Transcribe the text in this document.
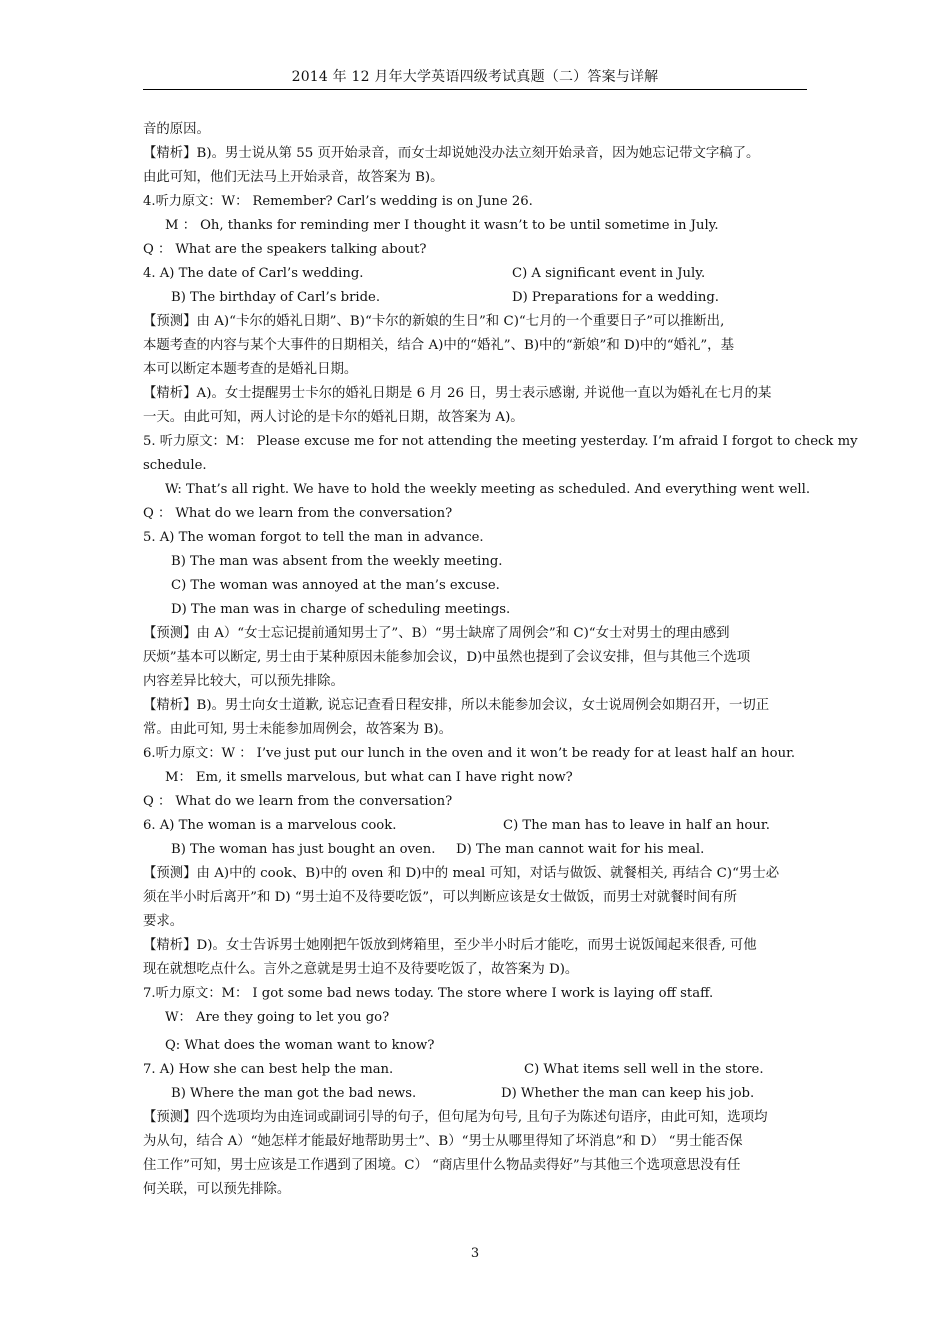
2014 年 12 月年大学英语四级考试真题（二）答案与详解
音的原因。
【精析】B)。男士说从第 55 页开始录音，而女士却说她没办法立刻开始录音，因为她忘记带文字稿了。
由此可知，他们无法马上开始录音，故答案为 B)。
4.听力原文：W： Remember? Carl’s wedding is on June 26.
M ： Oh, thanks for reminding mer I thought it wasn’t to be until sometime in July.
Q ： What are the speakers talking about?
4. A) The date of Carl’s wedding.	C) A significant event in July.
B) The birthday of Carl’s bride.	D) Preparations for a wedding.
【预测】由 A)“卡尔的婚礼日期”、B)“卡尔的新娘的生日”和 C)“七月的一个重要日子”可以推断出,
本题考查的内容与某个大事件的日期相关，结合 A)中的“婚礼”、B)中的“新娘”和 D)中的“婚礼”，基
本可以断定本题考查的是婚礼日期。
【精析】A)。女士提醒男士卡尔的婚礼日期是 6 月 26 日，男士表示感谢, 并说他一直以为婚礼在七月的某
一天。由此可知，两人讨论的是卡尔的婚礼日期，故答案为 A)。
5. 听力原文：M： Please excuse me for not attending the meeting yesterday. I’m afraid I forgot to check my
schedule.
W: That’s all right. We have to hold the weekly meeting as scheduled. And everything went well.
Q ： What do we learn from the conversation?
5. A) The woman forgot to tell the man in advance.
B) The man was absent from the weekly meeting.
C) The woman was annoyed at the man’s excuse.
D) The man was in charge of scheduling meetings.
【预测】由 A）“女士忘记提前通知男士了”、B）“男士缺席了周例会”和 C)“女士对男士的理由感到
厌烦”基本可以断定, 男士由于某种原因未能参加会议，D)中虽然也提到了会议安排，但与其他三个选项
内容差异比较大，可以预先排除。
【精析】B)。男士向女士道歉, 说忘记查看日程安排，所以未能参加会议，女士说周例会如期召开，一切正
常。由此可知, 男士未能参加周例会，故答案为 B)。
6.听力原文：W ： I’ve just put our lunch in the oven and it won’t be ready for at least half an hour.
M： Em, it smells marvelous, but what can I have right now?
Q ： What do we learn from the conversation?
6. A) The woman is a marvelous cook.	C) The man has to leave in half an hour.
B) The woman has just bought an oven. D) The man cannot wait for his meal.
【预测】由 A)中的 cook、B)中的 oven 和 D)中的 meal 可知，对话与做饭、就餐相关, 再结合 C)“男士必
须在半小时后离开”和 D) “男士迫不及待要吃饭”，可以判断应该是女士做饭，而男士对就餐时间有所
要求。
【精析】D)。女士告诉男士她刚把午饭放到烤箱里，至少半小时后才能吃，而男士说饭闻起来很香, 可他
现在就想吃点什么。言外之意就是男士迫不及待要吃饭了，故答案为 D)。
7.听力原文：M： I got some bad news today. The store where I work is laying off staff.
W： Are they going to let you go?
Q: What does the woman want to know?
7. A) How she can best help the man.	C) What items sell well in the store.
B) Where the man got the bad news.	D) Whether the man can keep his job.
【预测】四个选项均为由连词或副词引导的句子，但句尾为句号, 且句子为陈述句语序，由此可知，选项均
为从句，结合 A）“她怎样才能最好地帮助男士”、B）“男士从哪里得知了坏消息”和 D） “男士能否保
住工作”可知，男士应该是工作遇到了困境。C） “商店里什么物品卖得好”与其他三个选项意思没有任
何关联，可以预先排除。
3
